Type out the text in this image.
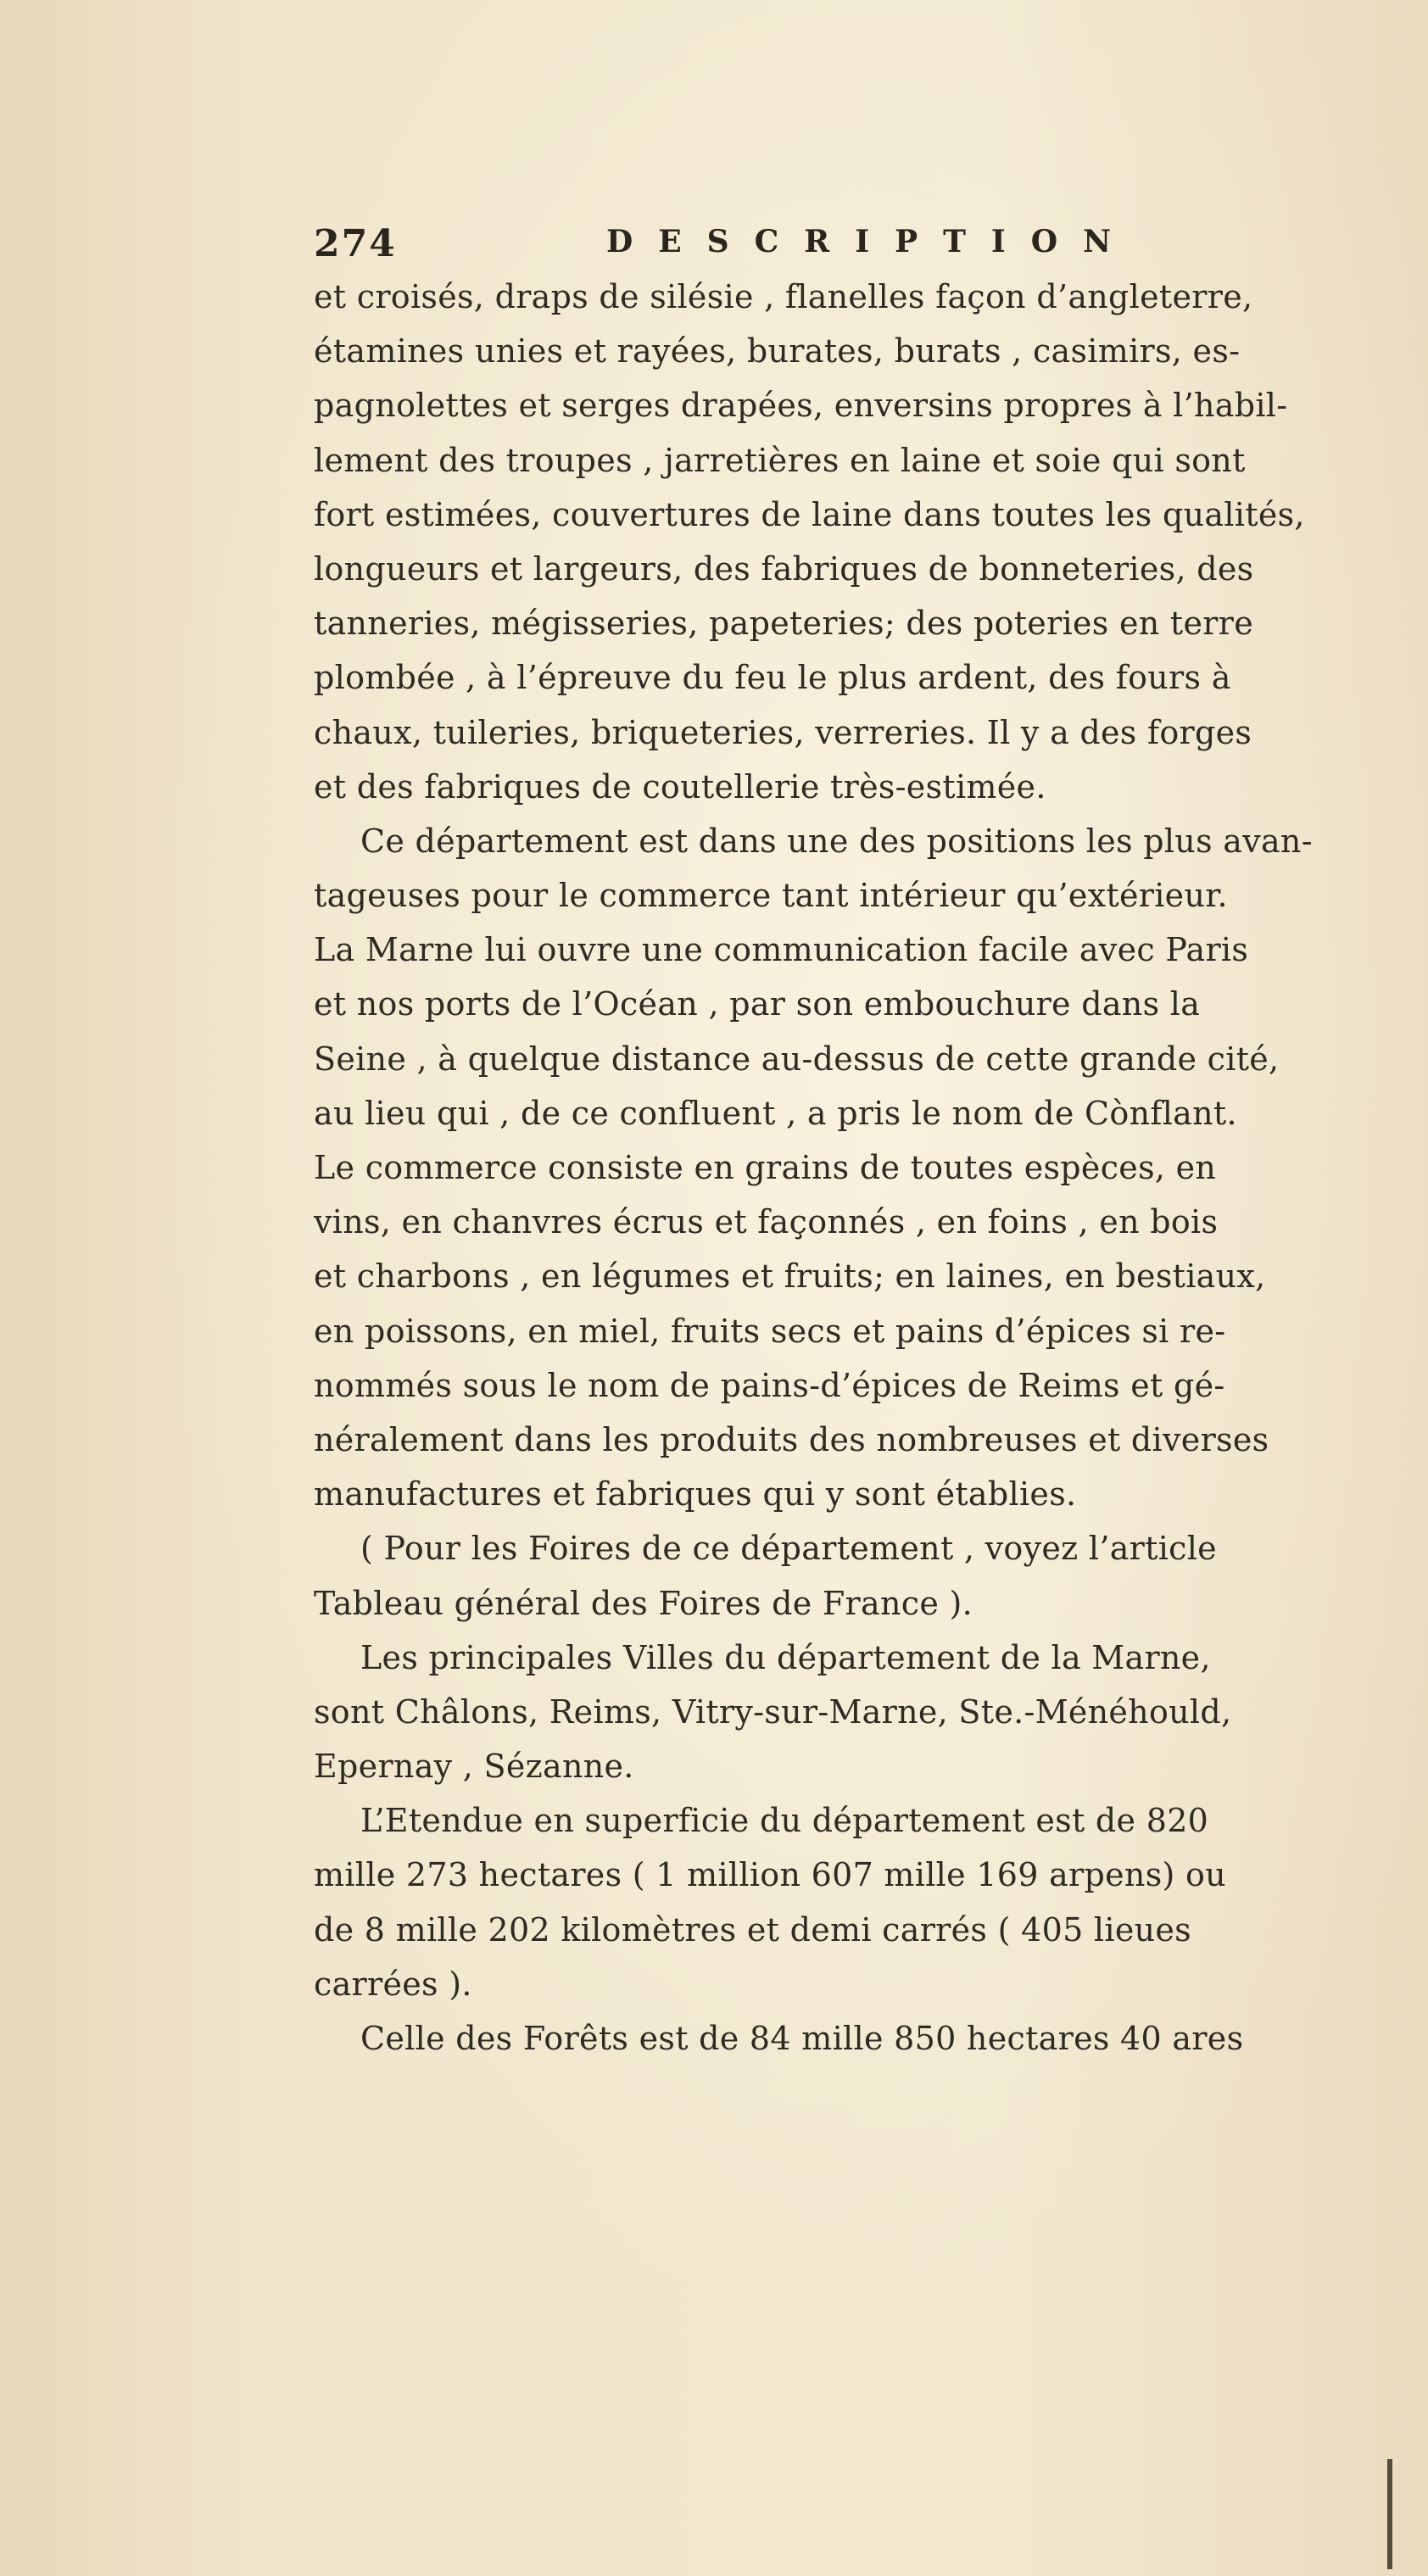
274	DESCRIPTION
et croisés, draps de silésie , flanelles façon d’angleterre,
étamines unies et rayées, burates, burats , casimirs, es-
pagnolettes et serges drapées, enversins propres à l’habil-
lement des troupes , jarretières en laine et soie qui sont
fort estimées, couvertures de laine dans toutes les qualités,
longueurs et largeurs, des fabriques de bonneteries, des
tanneries, mégisseries, papeteries; des poteries en terre
plombée , à l’épreuve du feu le plus ardent, des fours à
chaux, tuileries, briqueteries, verreries. Il y a des forges
et des fabriques de coutellerie très-estimée.
Ce département est dans une des positions les plus avan-
tageuses pour le commerce tant intérieur qu’extérieur.
La Marne lui ouvre une communication facile avec Paris
et nos ports de l’Océan , par son embouchure dans la
Seine , à quelque distance au-dessus de cette grande cité,
au lieu qui , de ce confluent , a pris le nom de Cònflant.
Le commerce consiste en grains de toutes espèces, en
vins, en chanvres écrus et façonnés , en foins , en bois
et charbons , en légumes et fruits; en laines, en bestiaux,
en poissons, en miel, fruits secs et pains d’épices si re-
nommés sous le nom de pains-d’épices de Reims et gé-
néralement dans les produits des nombreuses et diverses
manufactures et fabriques qui y sont établies.
( Pour les Foires de ce département , voyez l’article
Tableau général des Foires de France ).
Les principales Villes du département de la Marne,
sont Châlons, Reims, Vitry-sur-Marne, Ste.-Ménéhould,
Epernay , Sézanne.
L’Etendue en superficie du département est de 820
mille 273 hectares ( 1 million 607 mille 169 arpens) ou
de 8 mille 202 kilomètres et demi carrés ( 405 lieues
carrées ).
Celle des Forêts est de 84 mille 850 hectares 40 ares
